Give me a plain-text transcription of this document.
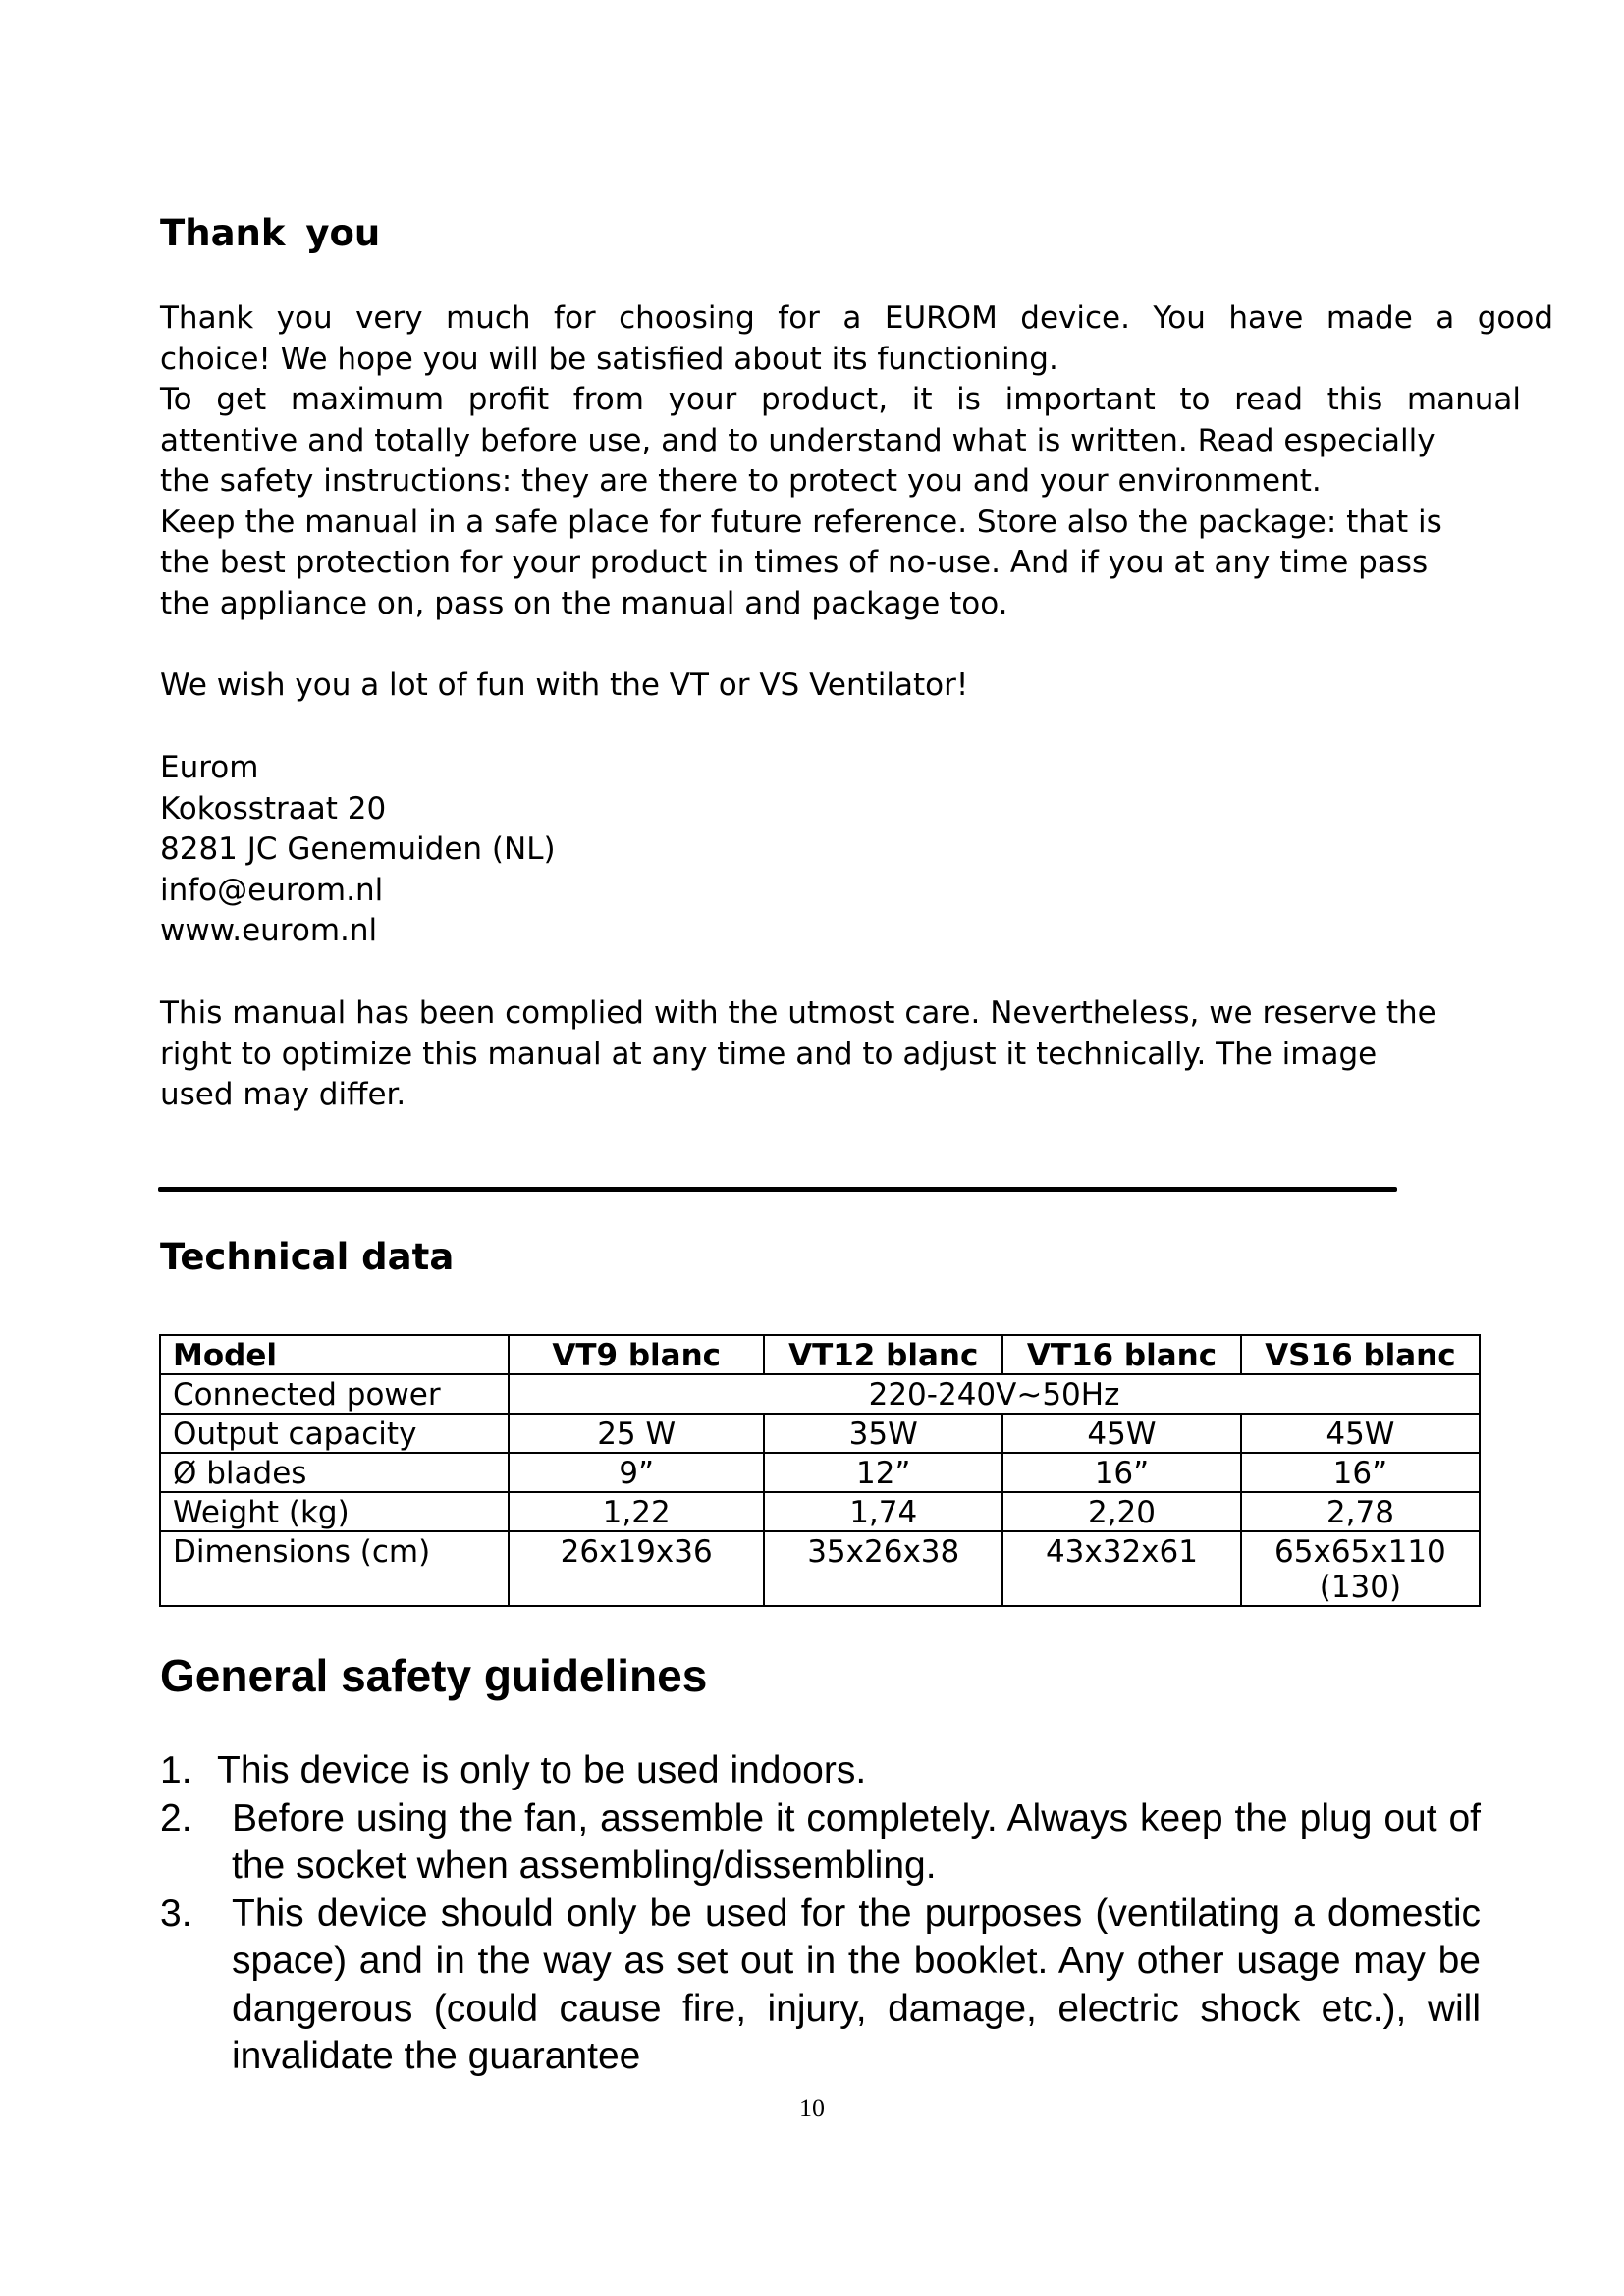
Thank you
Thank you very much for choosing for a EUROM device. You have made a good
choice! We hope you will be satisfied about its functioning.
To get maximum profit from your product, it is important to read this manual
attentive and totally before use, and to understand what is written. Read especially
the safety instructions: they are there to protect you and your environment.
Keep the manual in a safe place for future reference. Store also the package: that is
the best protection for your product in times of no-use. And if you at any time pass
the appliance on, pass on the manual and package too.

We wish you a lot of fun with the VT or VS Ventilator!

Eurom
Kokosstraat 20
8281 JC Genemuiden (NL)
info@eurom.nl
www.eurom.nl
This manual has been complied with the utmost care. Nevertheless, we reserve the
right to optimize this manual at any time and to adjust it technically. The image
used may differ.
Technical data
Model	VT9 blanc	VT12 blanc	VT16 blanc	VS16 blanc
Connected power	220-240V~50Hz			
Output capacity	25 W	35W	45W	45W
Ø blades	9”	12”	16”	16”
Weight (kg)	1,22	1,74	2,20	2,78
Dimensions (cm)	26x19x36	35x26x38	43x32x61	65x65x110
(130)
General safety guidelines
1. This device is only to be used indoors.
2. Before using the fan, assemble it completely. Always keep the plug out of the socket when assembling/dissembling.
3. This device should only be used for the purposes (ventilating a domestic space) and in the way as set out in the booklet. Any other usage may be dangerous (could cause fire, injury, damage, electric shock etc.), will invalidate the guarantee
10
